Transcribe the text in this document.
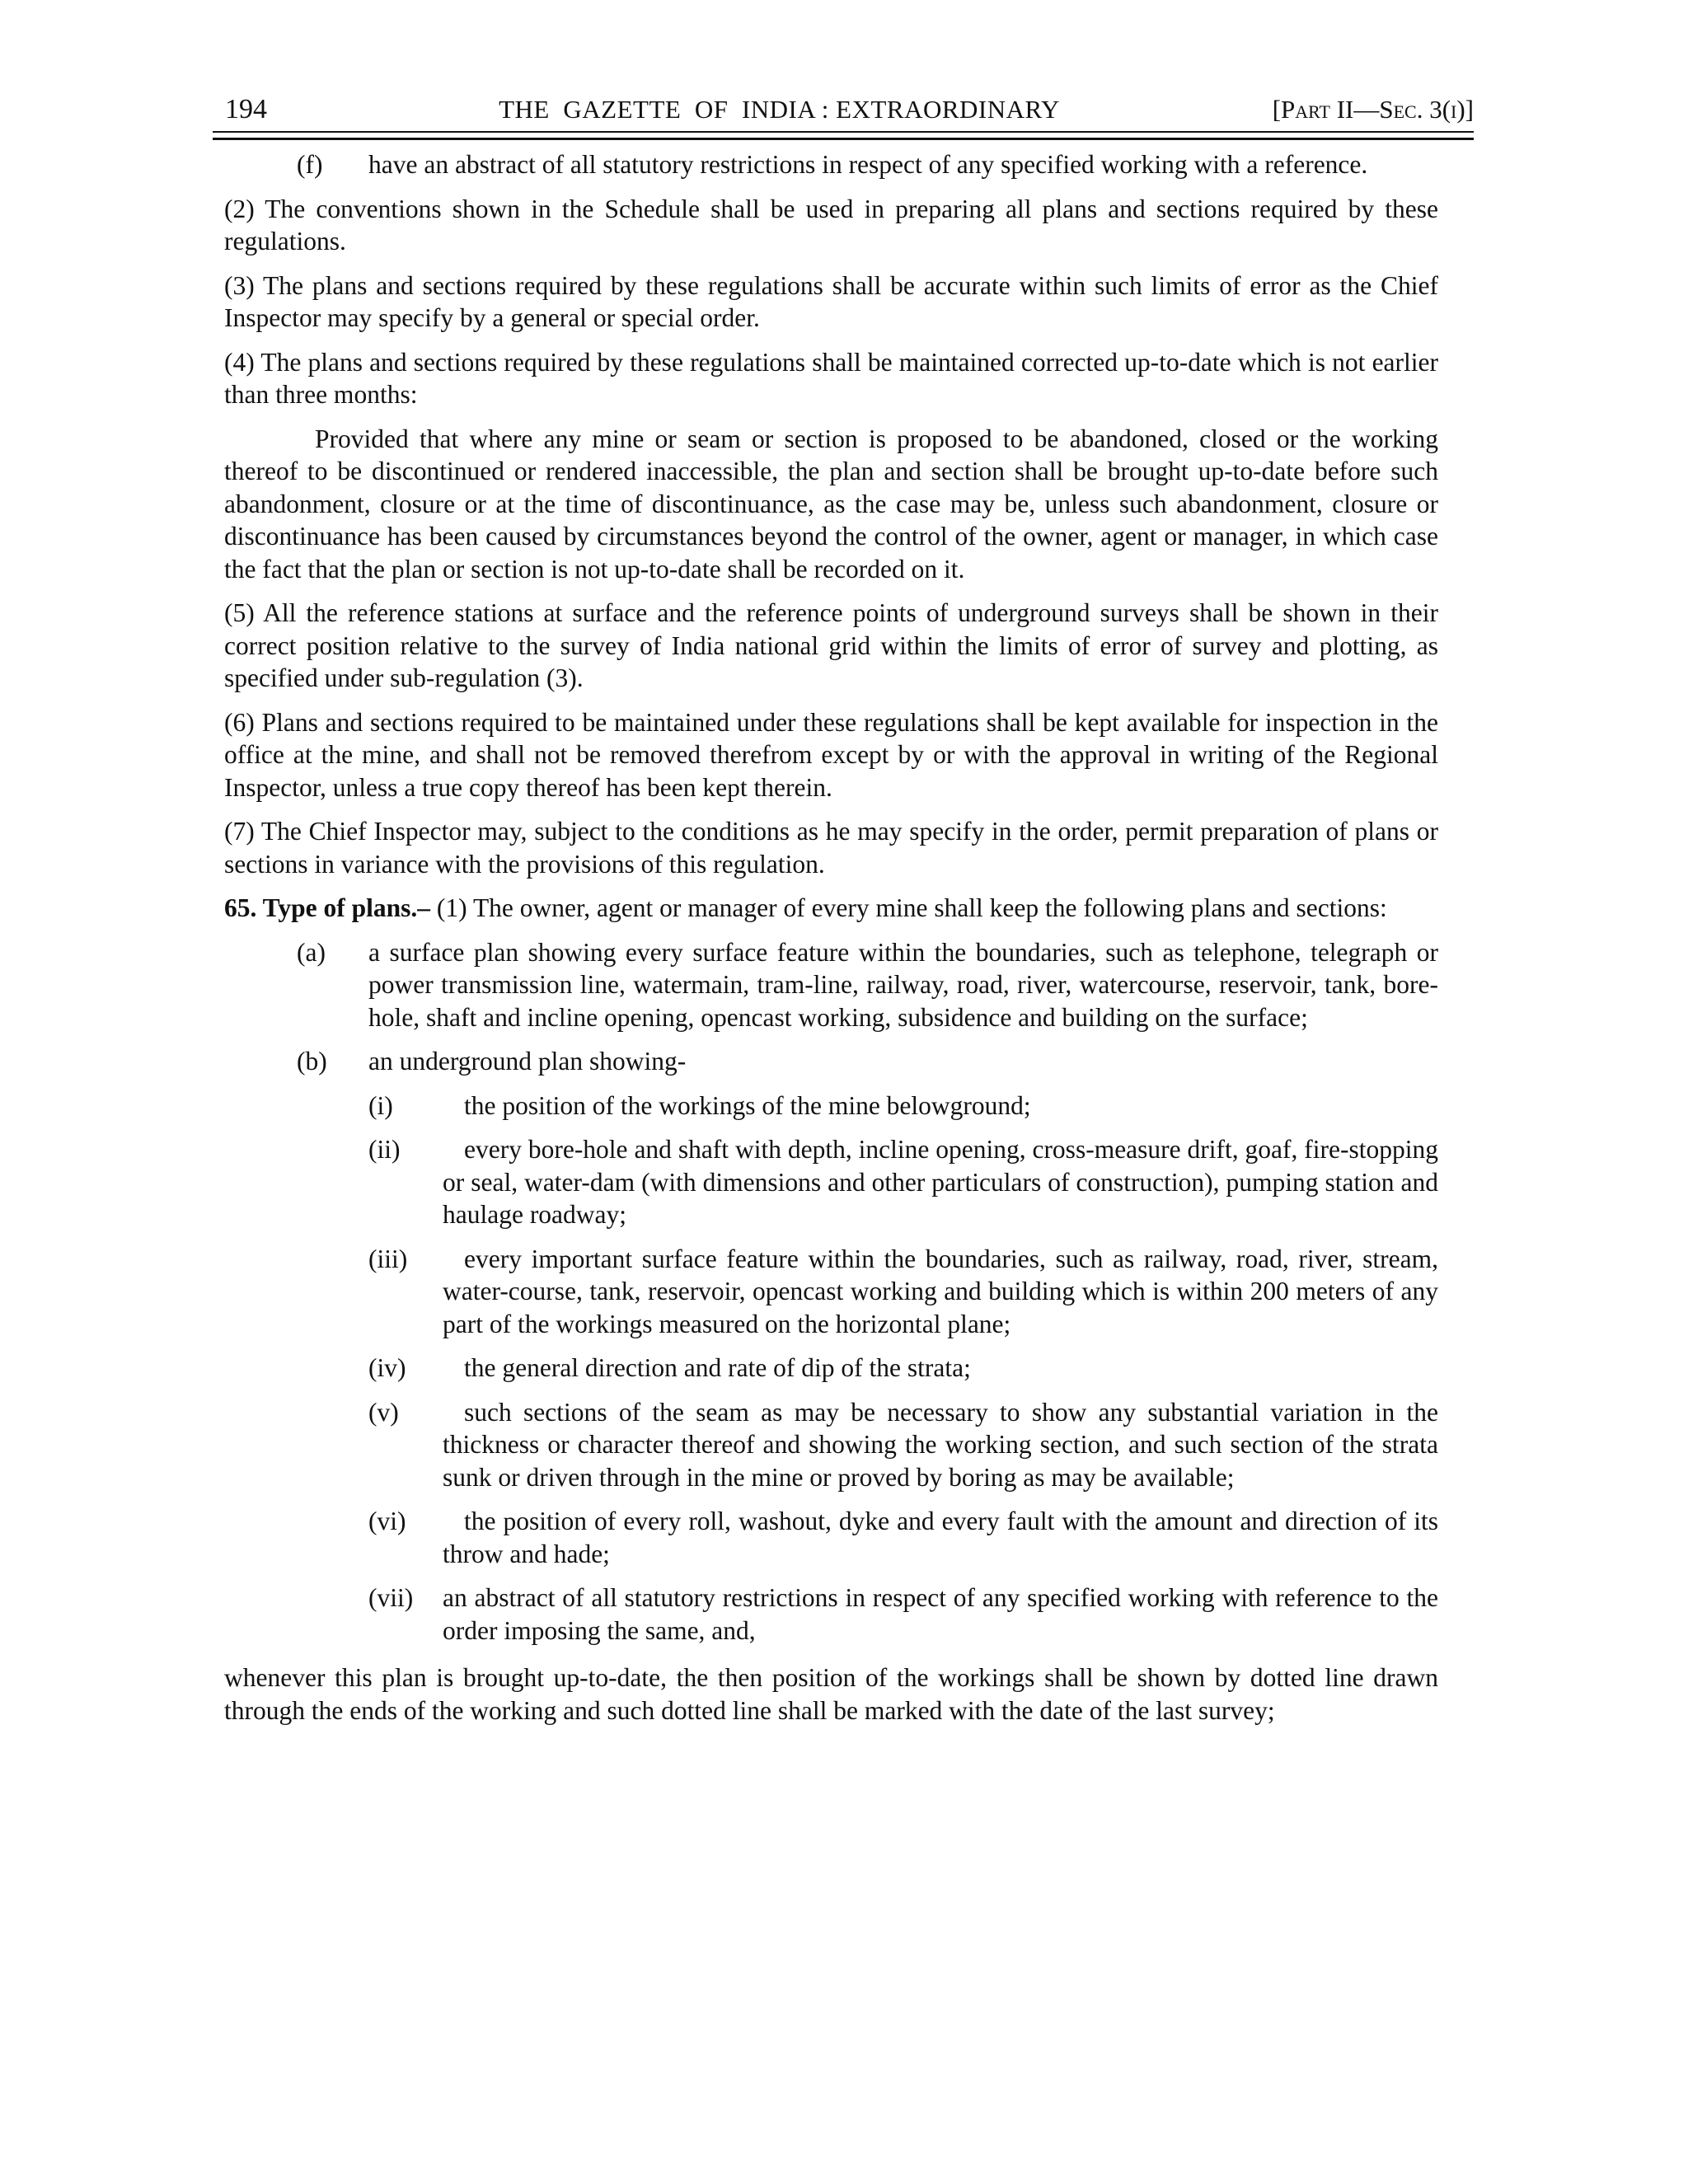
194	THE  GAZETTE  OF  INDIA : EXTRAORDINARY	[Part II—Sec. 3(i)]
(f) have an abstract of all statutory restrictions in respect of any specified working with a reference.

(2) The conventions shown in the Schedule shall be used in preparing all plans and sections required by these regulations.

(3) The plans and sections required by these regulations shall be accurate within such limits of error as the Chief Inspector may specify by a general or special order.

(4) The plans and sections required by these regulations shall be maintained corrected up-to-date which is not earlier than three months:

Provided that where any mine or seam or section is proposed to be abandoned, closed or the working thereof to be discontinued or rendered inaccessible, the plan and section shall be brought up-to-date before such abandonment, closure or at the time of discontinuance, as the case may be, unless such abandonment, closure or discontinuance has been caused by circumstances beyond the control of the owner, agent or manager, in which case the fact that the plan or section is not up-to-date shall be recorded on it.

(5) All the reference stations at surface and the reference points of underground surveys shall be shown in their correct position relative to the survey of India national grid within the limits of error of survey and plotting, as specified under sub-regulation (3).

(6) Plans and sections required to be maintained under these regulations shall be kept available for inspection in the office at the mine, and shall not be removed therefrom except by or with the approval in writing of the Regional Inspector, unless a true copy thereof has been kept therein.

(7) The Chief Inspector may, subject to the conditions as he may specify in the order, permit preparation of plans or sections in variance with the provisions of this regulation.

65. Type of plans.– (1) The owner, agent or manager of every mine shall keep the following plans and sections:

(a) a surface plan showing every surface feature within the boundaries, such as telephone, telegraph or power transmission line, watermain, tram-line, railway, road, river, watercourse, reservoir, tank, bore-hole, shaft and incline opening, opencast working, subsidence and building on the surface;
(b) an underground plan showing-
(i)	the position of the workings of the mine belowground;
(ii)	every bore-hole and shaft with depth, incline opening, cross-measure drift, goaf, fire-stopping or seal, water-dam (with dimensions and other particulars of construction), pumping station and haulage roadway;
(iii)	every important surface feature within the boundaries, such as railway, road, river, stream, water-course, tank, reservoir, opencast working and building which is within 200 meters of any part of the workings measured on the horizontal plane;
(iv)	the general direction and rate of dip of the strata;
(v)	such sections of the seam as may be necessary to show any substantial variation in the thickness or character thereof and showing the working section, and such section of the strata sunk or driven through in the mine or proved by boring as may be available;
(vi)	the position of every roll, washout, dyke and every fault with the amount and direction of its throw and hade;
(vii) an abstract of all statutory restrictions in respect of any specified working with reference to the order imposing the same, and,

whenever this plan is brought up-to-date, the then position of the workings shall be shown by dotted line drawn through the ends of the working and such dotted line shall be marked with the date of the last survey;
